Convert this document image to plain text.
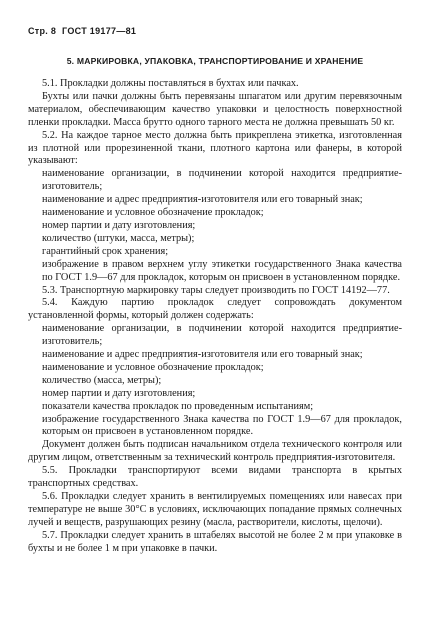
Стр. 8 ГОСТ 19177—81
5. МАРКИРОВКА, УПАКОВКА, ТРАНСПОРТИРОВАНИЕ И ХРАНЕНИЕ

5.1. Прокладки должны поставляться в бухтах или пачках.

Бухты или пачки должны быть перевязаны шпагатом или другим перевязочным материалом, обеспечивающим качество упаковки и целостность поверхностной пленки прокладки. Масса брутто одного тарного места не должна превышать 50 кг.

5.2. На каждое тарное место должна быть прикреплена этикетка, изготовленная из плотной или прорезиненной ткани, плотного картона или фанеры, в которой указывают:

наименование организации, в подчинении которой находится предприятие-изготовитель;

наименование и адрес предприятия-изготовителя или его товарный знак;

наименование и условное обозначение прокладок;

номер партии и дату изготовления;

количество (штуки, масса, метры);

гарантийный срок хранения;

изображение в правом верхнем углу этикетки государственного Знака качества по ГОСТ 1.9—67 для прокладок, которым он присвоен в установленном порядке.

5.3. Транспортную маркировку тары следует производить по ГОСТ 14192—77.

5.4. Каждую партию прокладок следует сопровождать документом установленной формы, который должен содержать:

наименование организации, в подчинении которой находится предприятие-изготовитель;

наименование и адрес предприятия-изготовителя или его товарный знак;

наименование и условное обозначение прокладок;

количество (масса, метры);

номер партии и дату изготовления;

показатели качества прокладок по проведенным испытаниям;

изображение государственного Знака качества по ГОСТ 1.9—67 для прокладок, которым он присвоен в установленном порядке.

Документ должен быть подписан начальником отдела технического контроля или другим лицом, ответственным за технический контроль предприятия-изготовителя.

5.5. Прокладки транспортируют всеми видами транспорта в крытых транспортных средствах.

5.6. Прокладки следует хранить в вентилируемых помещениях или навесах при температуре не выше 30°С в условиях, исключающих попадание прямых солнечных лучей и веществ, разрушающих резину (масла, растворители, кислоты, щелочи).

5.7. Прокладки следует хранить в штабелях высотой не более 2 м при упаковке в бухты и не более 1 м при упаковке в пачки.
